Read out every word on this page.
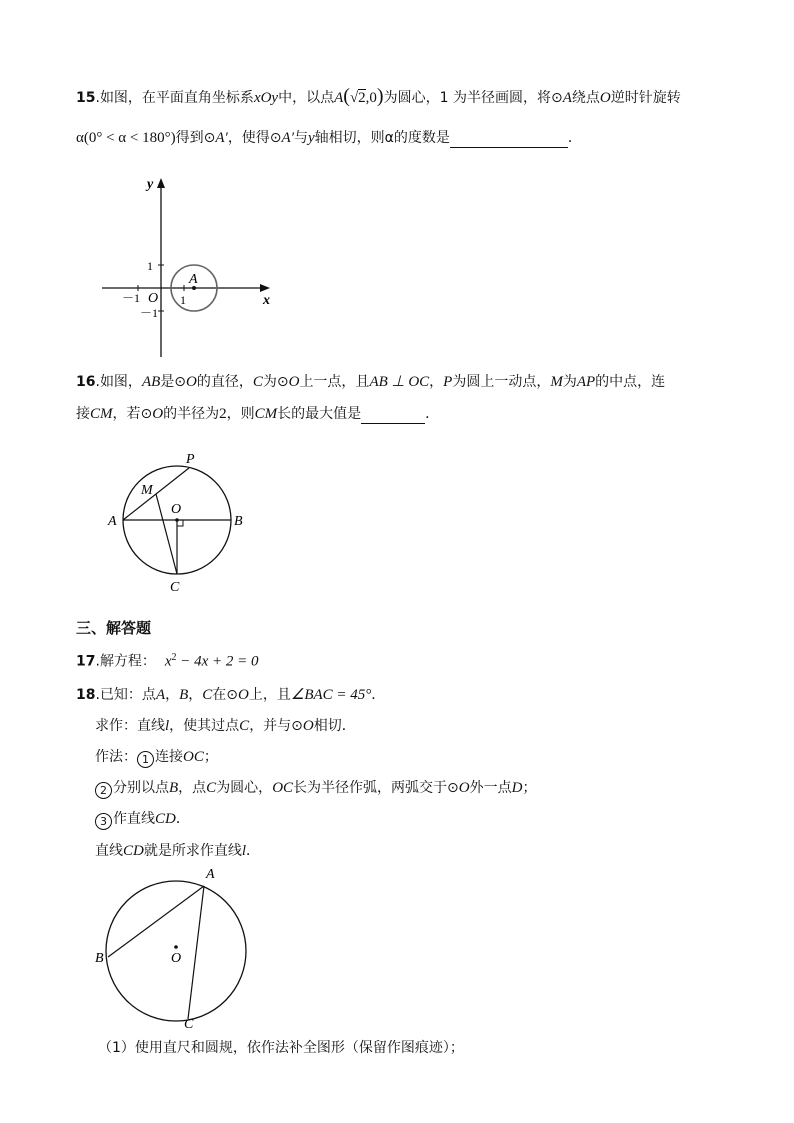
15.如图，在平面直角坐标系xOy中，以点A(√2,0)为圆心，1 为半径画圆，将⊙A绕点O逆时针旋转
α(0° < α < 180°)得到⊙A′，使得⊙A′与y轴相切，则α的度数是	．
y
x
1
－1 O
－1
A
1
16.如图，AB是⊙O的直径，C为⊙O上一点，且AB ⊥ OC，P为圆上一动点，M为AP的中点，连
接CM，若⊙O的半径为2，则CM长的最大值是	．
P
M
O
A	B
C
三、解答题
17.解方程： $x^2 - 4x + 2 = 0$
18.已知：点A，B，C在⊙O上，且∠BAC = 45°．
求作：直线l，使其过点C，并与⊙O相切．
作法： 1 连接OC；
2 分别以点B，点C为圆心，OC长为半径作弧，两弧交于⊙O外一点D；
3 作直线CD．
直线CD就是所求作直线l．
A
B	O
C
（1）使用直尺和圆规，依作法补全图形（保留作图痕迹）；
